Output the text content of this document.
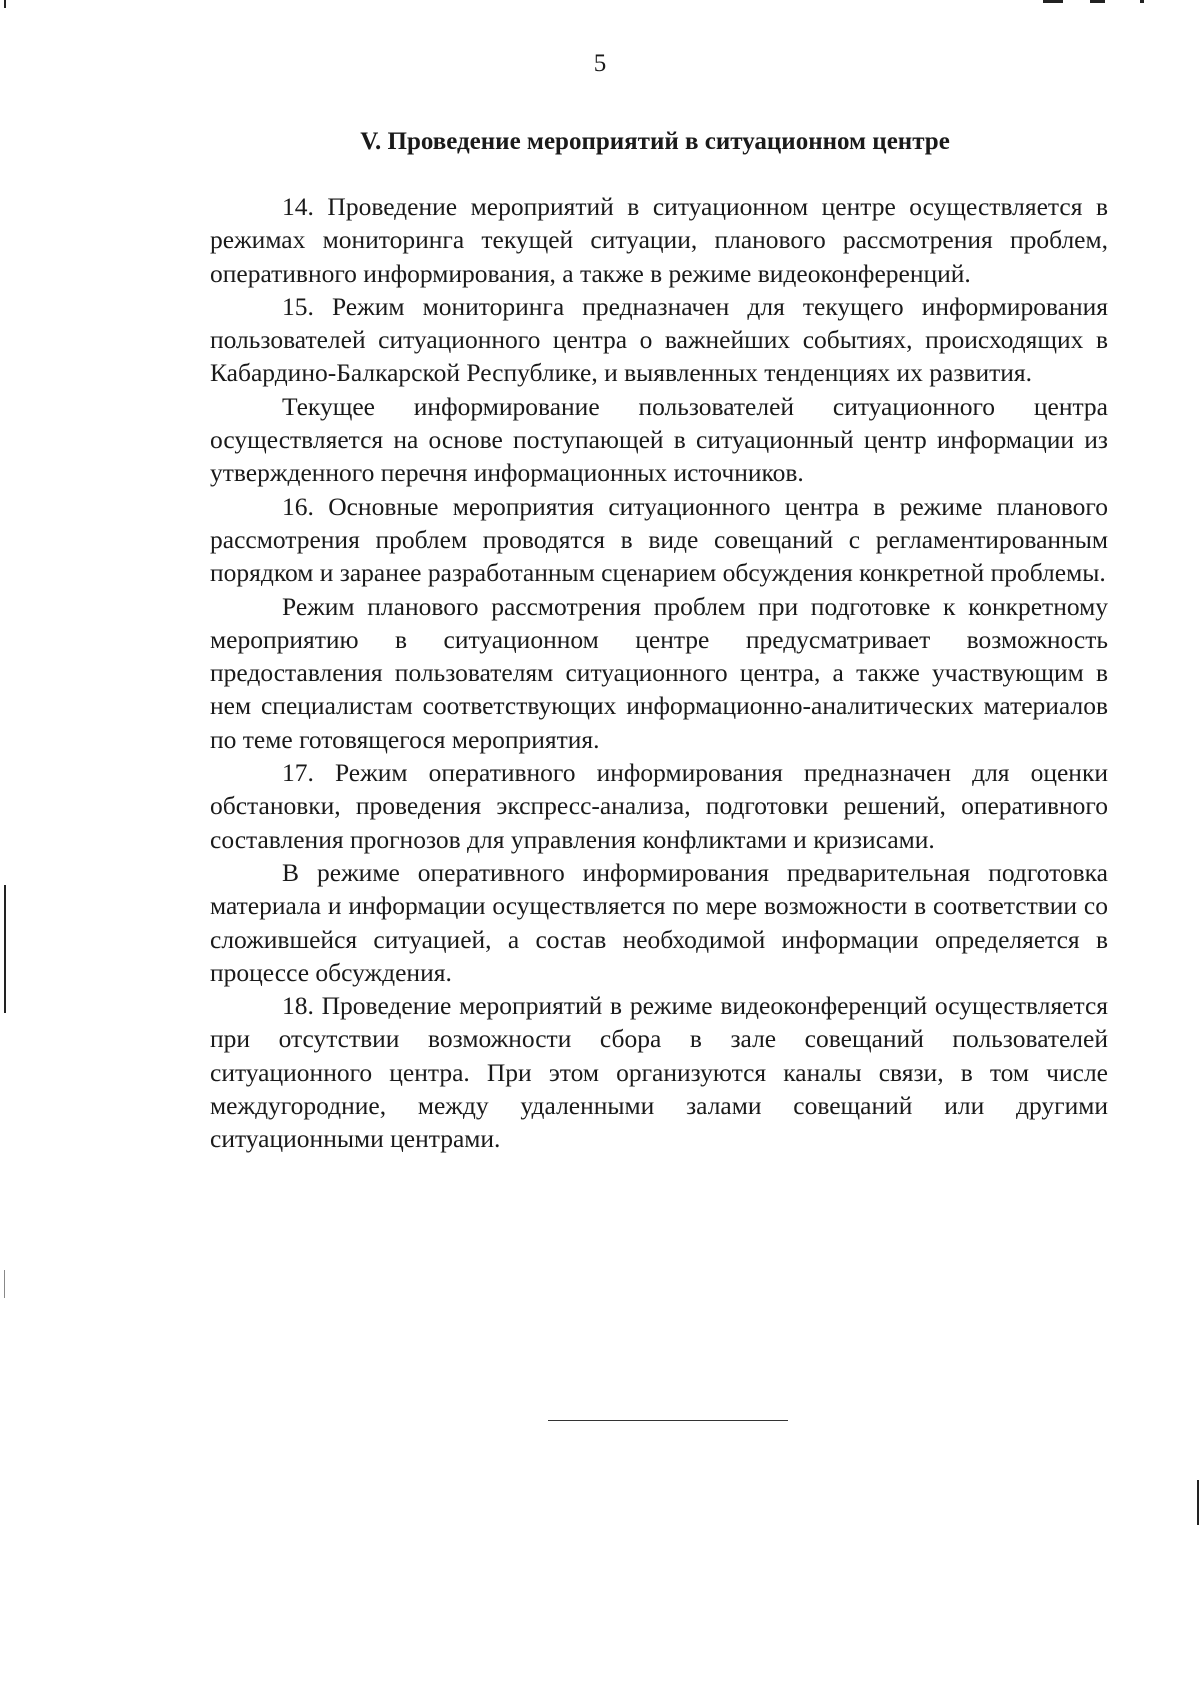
5
V. Проведение мероприятий в ситуационном центре

14. Проведение мероприятий в ситуационном центре осуществляется в режимах мониторинга текущей ситуации, планового рассмотрения проблем, оперативного информирования, а также в режиме видеоконференций.

15. Режим мониторинга предназначен для текущего информирования пользователей ситуационного центра о важнейших событиях, происходящих в Кабардино-Балкарской Республике, и выявленных тенденциях их развития.

Текущее информирование пользователей ситуационного центра осуществляется на основе поступающей в ситуационный центр информации из утвержденного перечня информационных источников.

16. Основные мероприятия ситуационного центра в режиме планового рассмотрения проблем проводятся в виде совещаний с регламентированным порядком и заранее разработанным сценарием обсуждения конкретной проблемы.

Режим планового рассмотрения проблем при подготовке к конкретному мероприятию в ситуационном центре предусматривает возможность предоставления пользователям ситуационного центра, а также участвующим в нем специалистам соответствующих информационно-аналитических материалов по теме готовящегося мероприятия.

17. Режим оперативного информирования предназначен для оценки обстановки, проведения экспресс-анализа, подготовки решений, оперативного составления прогнозов для управления конфликтами и кризисами.

В режиме оперативного информирования предварительная подготовка материала и информации осуществляется по мере возможности в соответствии со сложившейся ситуацией, а состав необходимой информации определяется в процессе обсуждения.

18. Проведение мероприятий в режиме видеоконференций осуществляется при отсутствии возможности сбора в зале совещаний пользователей ситуационного центра. При этом организуются каналы связи, в том числе междугородние, между удаленными залами совещаний или другими ситуационными центрами.
